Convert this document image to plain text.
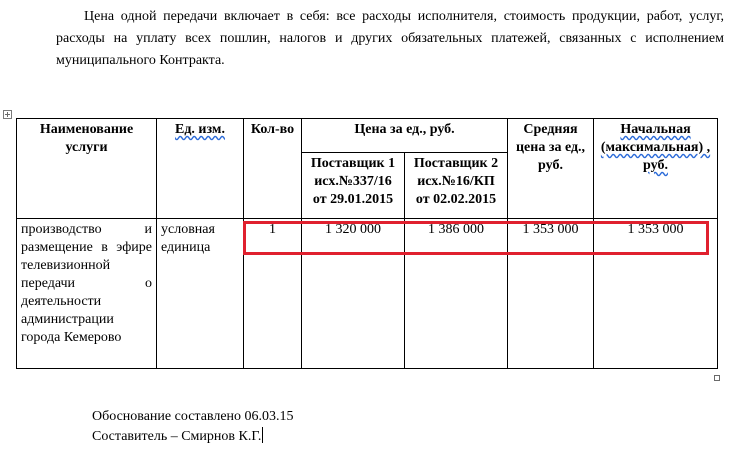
Цена одной передачи включает в себя: все расходы исполнителя, стоимость продукции, работ, услуг, расходы на уплату всех пошлин, налогов и других обязательных платежей, связанных с исполнением муниципального Контракта.

Наименование услуги	Ед. изм.	Кол-во	Цена за ед., руб.		Средняя цена за ед., руб.	Начальная (максимальная) , руб.
			Поставщик 1 исх.№337/16 от 29.01.2015	Поставщик 2 исх.№16/КП от 02.02.2015		
производство и размещение в эфире телевизионной передачи о деятельности администрации города Кемерово	условная единица	1	1 320 000	1 386 000	1 353 000	1 353 000
Обоснование составлено 06.03.15
Составитель – Смирнов К.Г.
